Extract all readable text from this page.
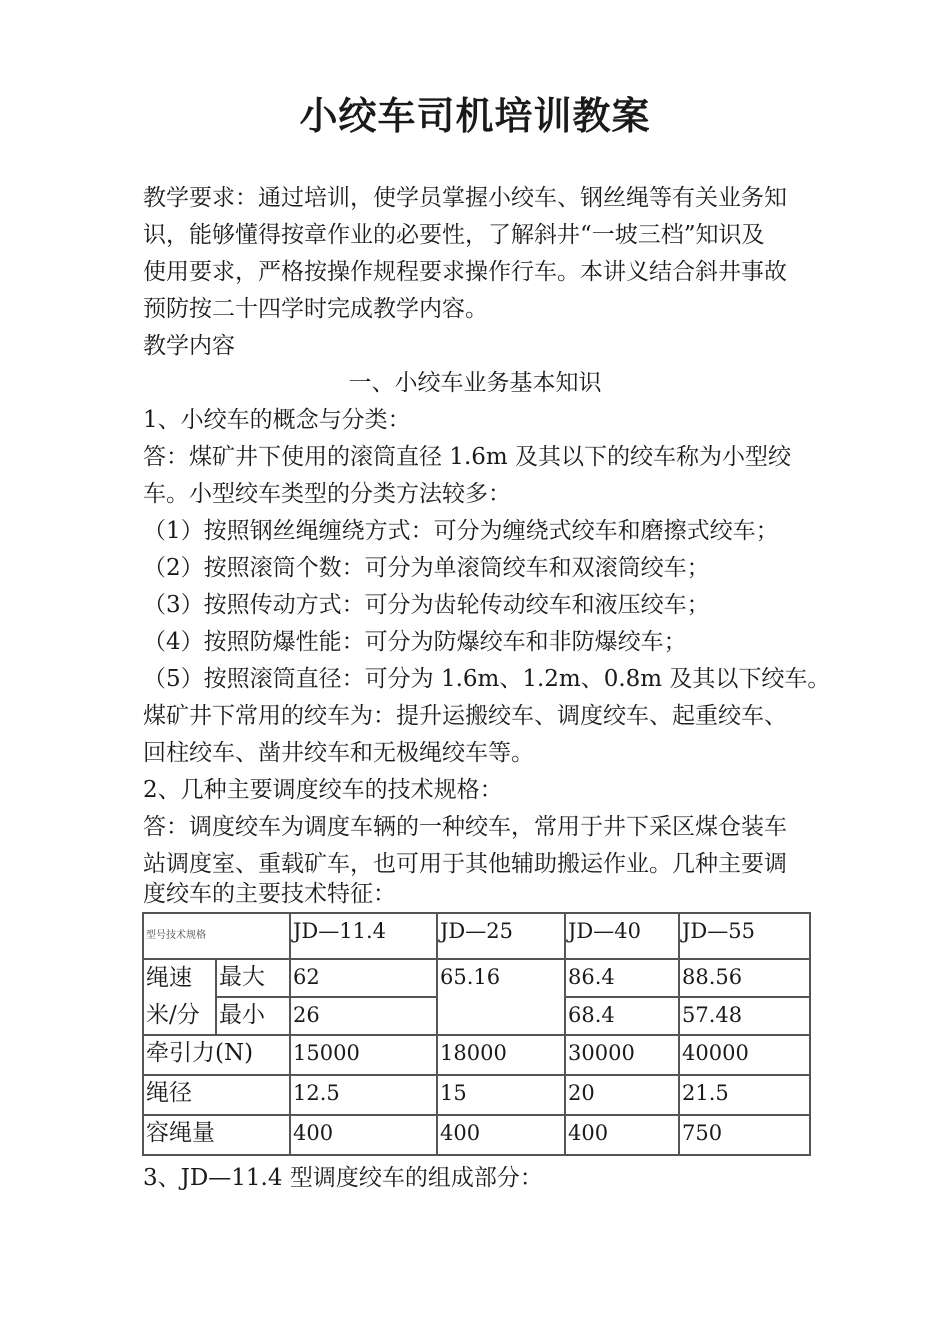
小绞车司机培训教案
教学要求：通过培训，使学员掌握小绞车、钢丝绳等有关业务知
识，能够懂得按章作业的必要性，了解斜井“一坡三档”知识及
使用要求，严格按操作规程要求操作行车。本讲义结合斜井事故
预防按二十四学时完成教学内容。
教学内容
一、小绞车业务基本知识
1、小绞车的概念与分类：
答：煤矿井下使用的滚筒直径 1.6m 及其以下的绞车称为小型绞
车。小型绞车类型的分类方法较多：
（1）按照钢丝绳缠绕方式：可分为缠绕式绞车和磨擦式绞车；
（2）按照滚筒个数：可分为单滚筒绞车和双滚筒绞车；
（3）按照传动方式：可分为齿轮传动绞车和液压绞车；
（4）按照防爆性能：可分为防爆绞车和非防爆绞车；
（5）按照滚筒直径：可分为 1.6m、1.2m、0.8m 及其以下绞车。
煤矿井下常用的绞车为：提升运搬绞车、调度绞车、起重绞车、
回柱绞车、凿井绞车和无极绳绞车等。
2、几种主要调度绞车的技术规格：
答：调度绞车为调度车辆的一种绞车，常用于井下采区煤仓装车
站调度室、重载矿车，也可用于其他辅助搬运作业。几种主要调
度绞车的主要技术特征：
型号技术规格		JD—11.4	JD—25	JD—40	JD—55
绳速
米/分	最大	62	65.16	86.4	88.56
	最小	26		68.4	57.48
牵引力(N)		15000	18000	30000	40000
绳径		12.5	15	20	21.5
容绳量		400	400	400	750
3、JD—11.4 型调度绞车的组成部分：
